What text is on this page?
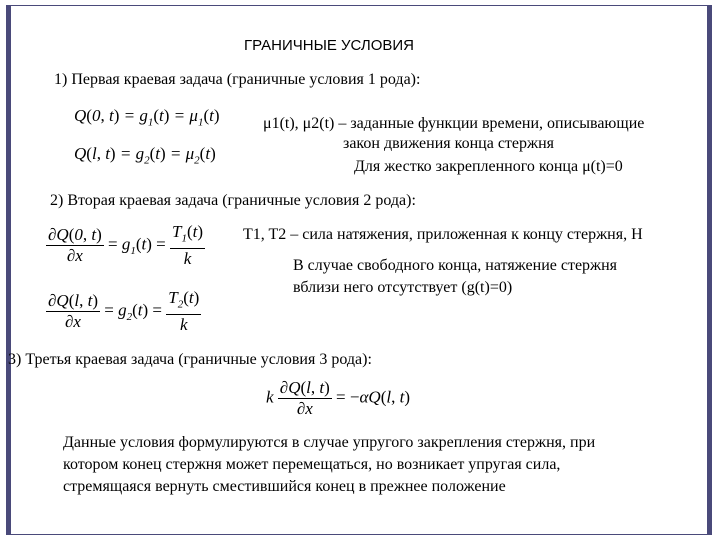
ГРАНИЧНЫЕ УСЛОВИЯ
1) Первая краевая задача (граничные условия 1 рода):
Q(0, $t) = g_1(t) = \mu_1(t)$
Q(l, $t) = g_2(t) = \mu_2(t)$
μ1(t), μ2(t) – заданные функции времени, описывающие
закон движения конца стержня
Для жестко закрепленного конца μ(t)=0
2) Вторая краевая задача (граничные условия 2 рода):
$\frac{\partial Q(0, t)}{\partial x} = g_1(t) = \frac{T_1(t)}{k}$
$\frac{\partial Q(l, t)}{\partial x} = g_2(t) = \frac{T_2(t)}{k}$
T1, T2 – сила натяжения, приложенная к концу стержня, Н
В случае свободного конца, натяжение стержня
вблизи него отсутствует (g(t)=0)
3) Третья краевая задача (граничные условия 3 рода):
k $\frac{\partial Q(l, t)}{\partial x} = -\alpha Q(l$, t)
Данные условия формулируются в случае упругого закрепления стержня, при
котором конец стержня может перемещаться, но возникает упругая сила,
стремящаяся вернуть сместившийся конец в прежнее положение
